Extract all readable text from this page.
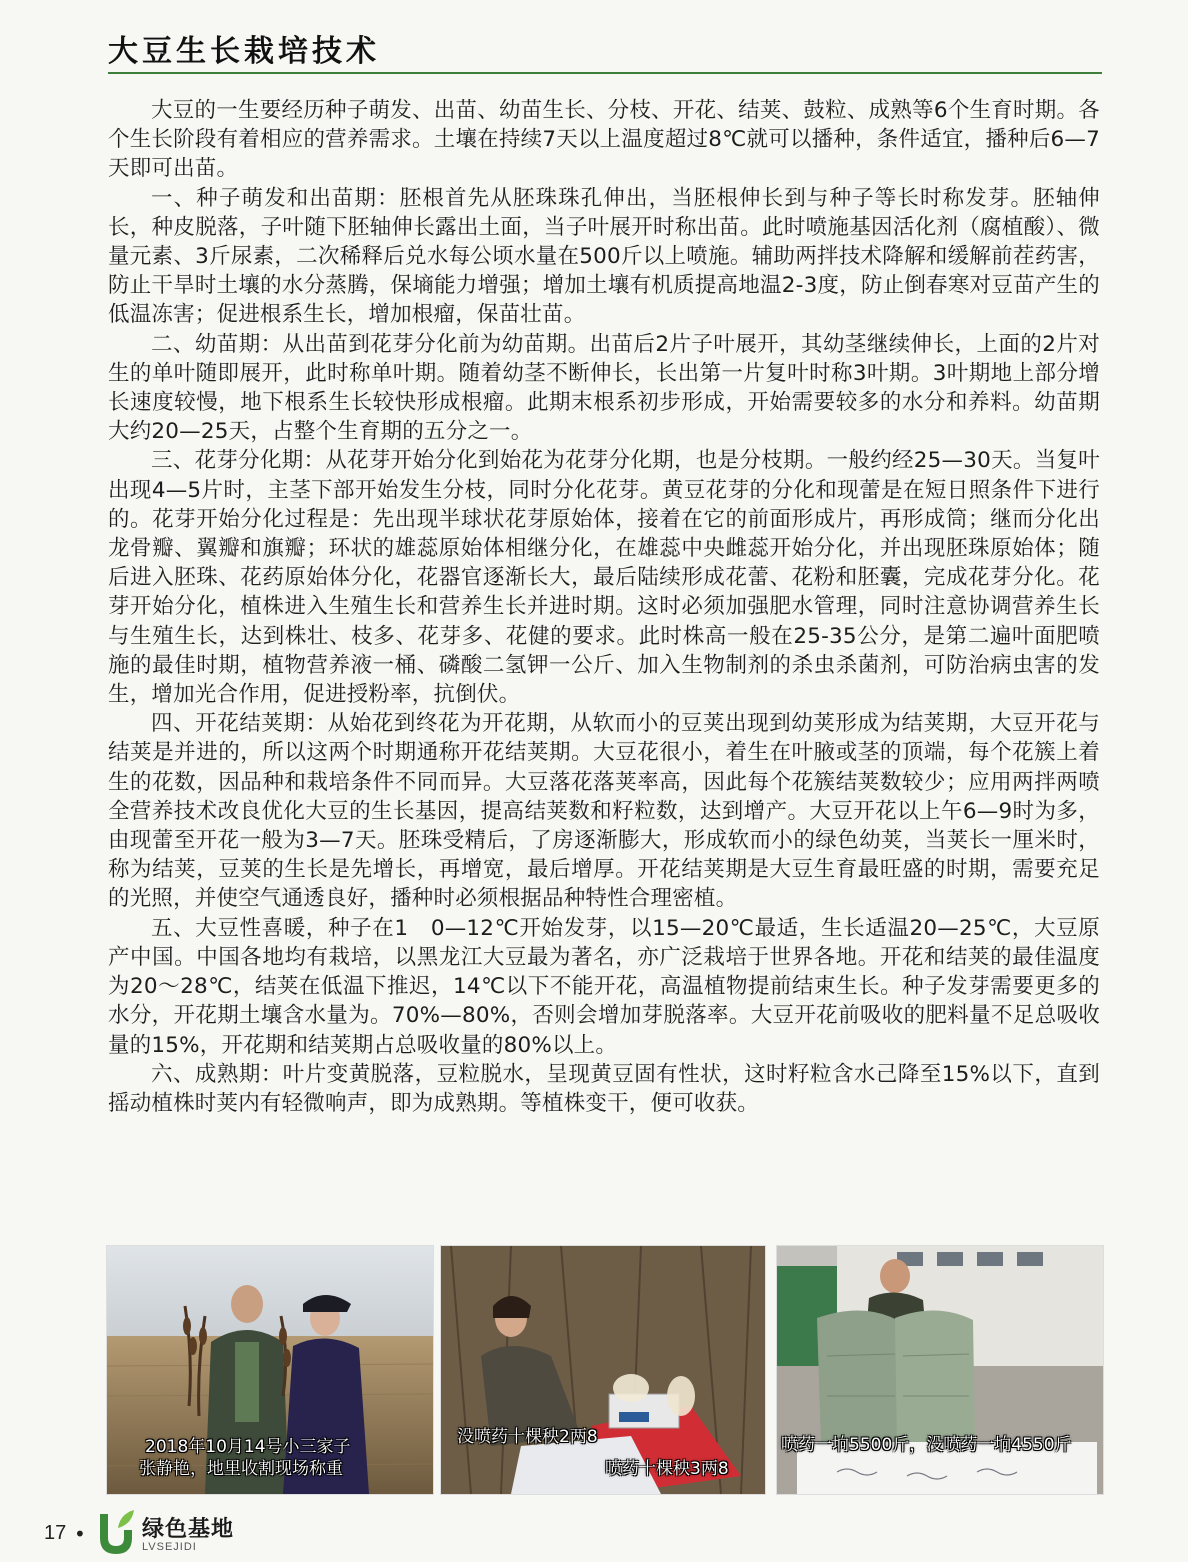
大豆生长栽培技术

大豆的一生要经历种子萌发、出苗、幼苗生长、分枝、开花、结荚、鼓粒、成熟等6个生育时期。各个生长阶段有着相应的营养需求。土壤在持续7天以上温度超过8℃就可以播种，条件适宜，播种后6—7天即可出苗。

一、种子萌发和出苗期：胚根首先从胚珠珠孔伸出，当胚根伸长到与种子等长时称发芽。胚轴伸长，种皮脱落，子叶随下胚轴伸长露出土面，当子叶展开时称出苗。此时喷施基因活化剂（腐植酸）、微量元素、3斤尿素，二次稀释后兑水每公顷水量在500斤以上喷施。辅助两拌技术降解和缓解前茬药害，防止干旱时土壤的水分蒸腾，保墒能力增强；增加土壤有机质提高地温2-3度，防止倒春寒对豆苗产生的低温冻害；促进根系生长，增加根瘤，保苗壮苗。

二、幼苗期：从出苗到花芽分化前为幼苗期。出苗后2片子叶展开，其幼茎继续伸长，上面的2片对生的单叶随即展开，此时称单叶期。随着幼茎不断伸长，长出第一片复叶时称3叶期。3叶期地上部分增长速度较慢，地下根系生长较快形成根瘤。此期末根系初步形成，开始需要较多的水分和养料。幼苗期大约20—25天，占整个生育期的五分之一。

三、花芽分化期：从花芽开始分化到始花为花芽分化期，也是分枝期。一般约经25—30天。当复叶出现4—5片时，主茎下部开始发生分枝，同时分化花芽。黄豆花芽的分化和现蕾是在短日照条件下进行的。花芽开始分化过程是：先出现半球状花芽原始体，接着在它的前面形成片，再形成筒；继而分化出龙骨瓣、翼瓣和旗瓣；环状的雄蕊原始体相继分化，在雄蕊中央雌蕊开始分化，并出现胚珠原始体；随后进入胚珠、花药原始体分化，花器官逐渐长大，最后陆续形成花蕾、花粉和胚囊，完成花芽分化。花芽开始分化，植株进入生殖生长和营养生长并进时期。这时必须加强肥水管理，同时注意协调营养生长与生殖生长，达到株壮、枝多、花芽多、花健的要求。此时株高一般在25-35公分，是第二遍叶面肥喷施的最佳时期，植物营养液一桶、磷酸二氢钾一公斤、加入生物制剂的杀虫杀菌剂，可防治病虫害的发生，增加光合作用，促进授粉率，抗倒伏。

四、开花结荚期：从始花到终花为开花期，从软而小的豆荚出现到幼荚形成为结荚期，大豆开花与结荚是并进的，所以这两个时期通称开花结荚期。大豆花很小，着生在叶腋或茎的顶端，每个花簇上着生的花数，因品种和栽培条件不同而异。大豆落花落荚率高，因此每个花簇结荚数较少；应用两拌两喷全营养技术改良优化大豆的生长基因，提高结荚数和籽粒数，达到增产。大豆开花以上午6—9时为多，由现蕾至开花一般为3—7天。胚珠受精后，了房逐渐膨大，形成软而小的绿色幼荚，当荚长一厘米时，称为结荚，豆荚的生长是先增长，再增宽，最后增厚。开花结荚期是大豆生育最旺盛的时期，需要充足的光照，并使空气通透良好，播种时必须根据品种特性合理密植。

五、大豆性喜暖，种子在1　0—12℃开始发芽，以15—20℃最适，生长适温20—25℃，大豆原产中国。中国各地均有栽培，以黑龙江大豆最为著名，亦广泛栽培于世界各地。开花和结荚的最佳温度为20～28℃，结荚在低温下推迟，14℃以下不能开花，高温植物提前结束生长。种子发芽需要更多的水分，开花期土壤含水量为。70%—80%，否则会增加芽脱落率。大豆开花前吸收的肥料量不足总吸收量的15%，开花期和结荚期占总吸收量的80%以上。

六、成熟期：叶片变黄脱落，豆粒脱水，呈现黄豆固有性状，这时籽粒含水己降至15%以下，直到摇动植株时荚内有轻微响声，即为成熟期。等植株变干，便可收获。

2018年10月14号小三家子
张静艳，地里收割现场称重
没喷药十棵秧2两8
喷药十棵秧3两8
喷药一垧5500斤，没喷药一垧4550斤
17 •	绿色基地
LVSEJIDI
